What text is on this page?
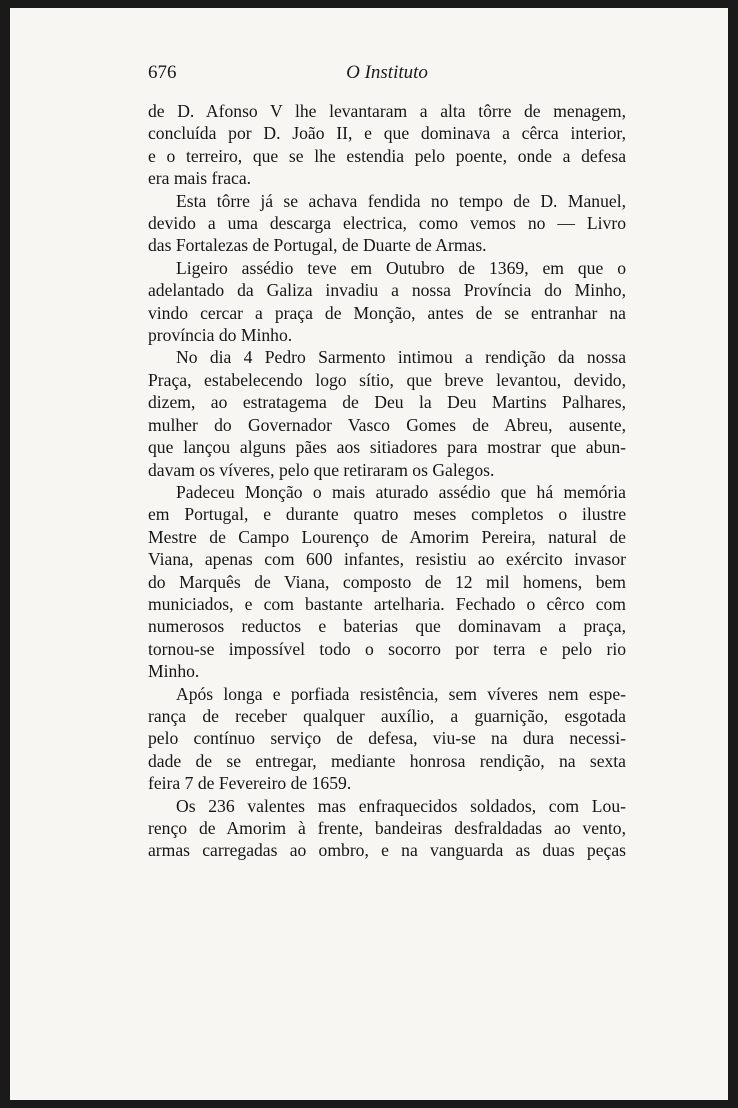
676	O Instituto
de D. Afonso V lhe levantaram a alta tôrre de menagem,
concluída por D. João II, e que dominava a cêrca interior,
e o terreiro, que se lhe estendia pelo poente, onde a defesa
era mais fraca.
Esta tôrre já se achava fendida no tempo de D. Manuel,
devido a uma descarga electrica, como vemos no — Livro
das Fortalezas de Portugal, de Duarte de Armas.
Ligeiro assédio teve em Outubro de 1369, em que o
adelantado da Galiza invadiu a nossa Província do Minho,
vindo cercar a praça de Monção, antes de se entranhar na
província do Minho.
No dia 4 Pedro Sarmento intimou a rendição da nossa
Praça, estabelecendo logo sítio, que breve levantou, devido,
dizem, ao estratagema de Deu la Deu Martins Palhares,
mulher do Governador Vasco Gomes de Abreu, ausente,
que lançou alguns pães aos sitiadores para mostrar que abun-
davam os víveres, pelo que retiraram os Galegos.
Padeceu Monção o mais aturado assédio que há memória
em Portugal, e durante quatro meses completos o ilustre
Mestre de Campo Lourenço de Amorim Pereira, natural de
Viana, apenas com 600 infantes, resistiu ao exército invasor
do Marquês de Viana, composto de 12 mil homens, bem
municiados, e com bastante artelharia. Fechado o cêrco com
numerosos reductos e baterias que dominavam a praça,
tornou-se impossível todo o socorro por terra e pelo rio
Minho.
Após longa e porfiada resistência, sem víveres nem espe-
rança de receber qualquer auxílio, a guarnição, esgotada
pelo contínuo serviço de defesa, viu-se na dura necessi-
dade de se entregar, mediante honrosa rendição, na sexta
feira 7 de Fevereiro de 1659.
Os 236 valentes mas enfraquecidos soldados, com Lou-
renço de Amorim à frente, bandeiras desfraldadas ao vento,
armas carregadas ao ombro, e na vanguarda as duas peças
